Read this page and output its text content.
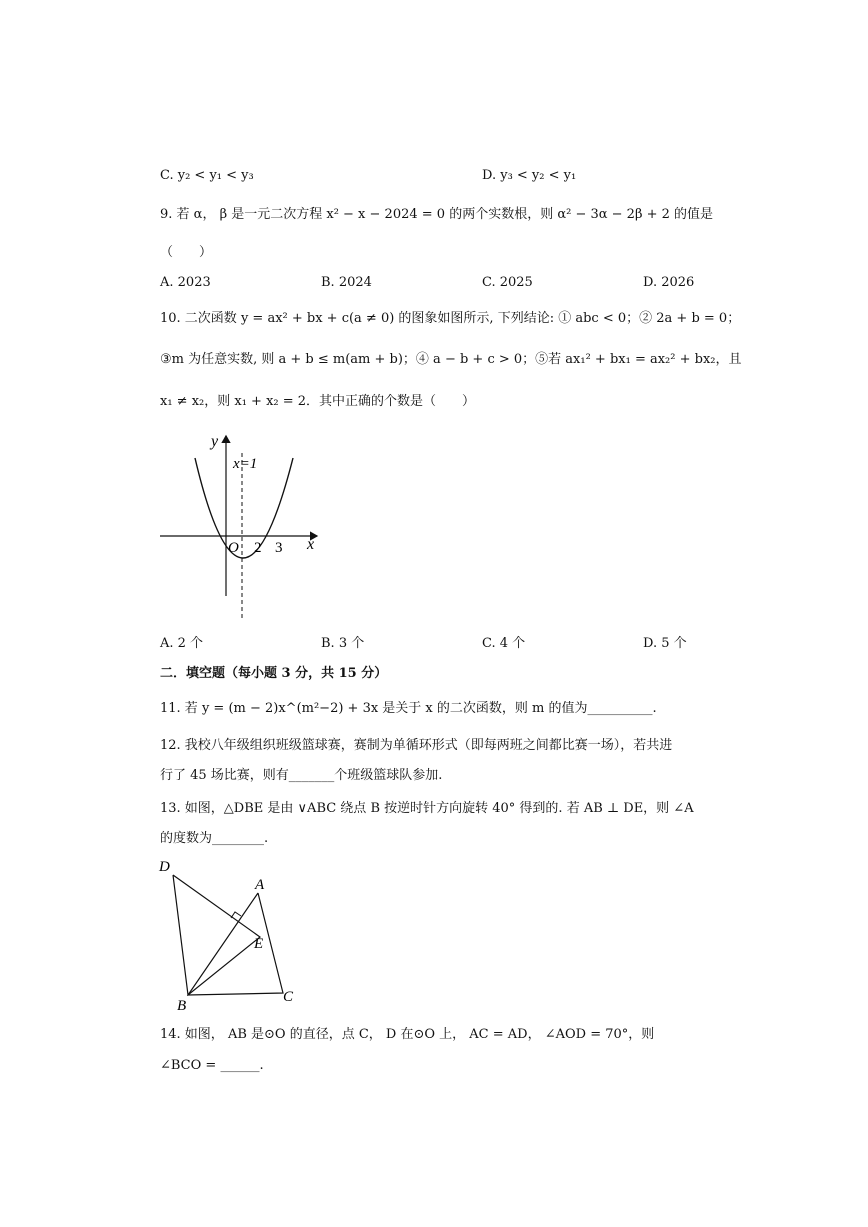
C. y₂ < y₁ < y₃	D. y₃ < y₂ < y₁
9. 若 α， β 是一元二次方程 x² − x − 2024 = 0 的两个实数根，则 α² − 3α − 2β + 2 的值是
（　　）
A. 2023	B. 2024	C. 2025	D. 2026
10. 二次函数 y = ax² + bx + c(a ≠ 0) 的图象如图所示, 下列结论: ① abc < 0；② 2a + b = 0；
③m 为任意实数, 则 a + b ≤ m(am + b)；④ a − b + c > 0；⑤若 ax₁² + bx₁ = ax₂² + bx₂，且
x₁ ≠ x₂，则 x₁ + x₂ = 2．其中正确的个数是（　　）
y
x=1
O 2 3 x
A. 2 个	B. 3 个	C. 4 个	D. 5 个
二．填空题（每小题 3 分，共 15 分）
11. 若 y = (m − 2)x^(m²−2) + 3x 是关于 x 的二次函数，则 m 的值为__________.
12. 我校八年级组织班级篮球赛，赛制为单循环形式（即每两班之间都比赛一场），若共进
行了 45 场比赛，则有_______个班级篮球队参加.
13. 如图，△DBE 是由 ∨ABC 绕点 B 按逆时针方向旋转 40° 得到的. 若 AB ⊥ DE，则 ∠A
的度数为________.
D
A
E
B
C
14. 如图， AB 是⊙O 的直径，点 C， D 在⊙O 上， AC = AD， ∠AOD = 70°，则
∠BCO = ______.
